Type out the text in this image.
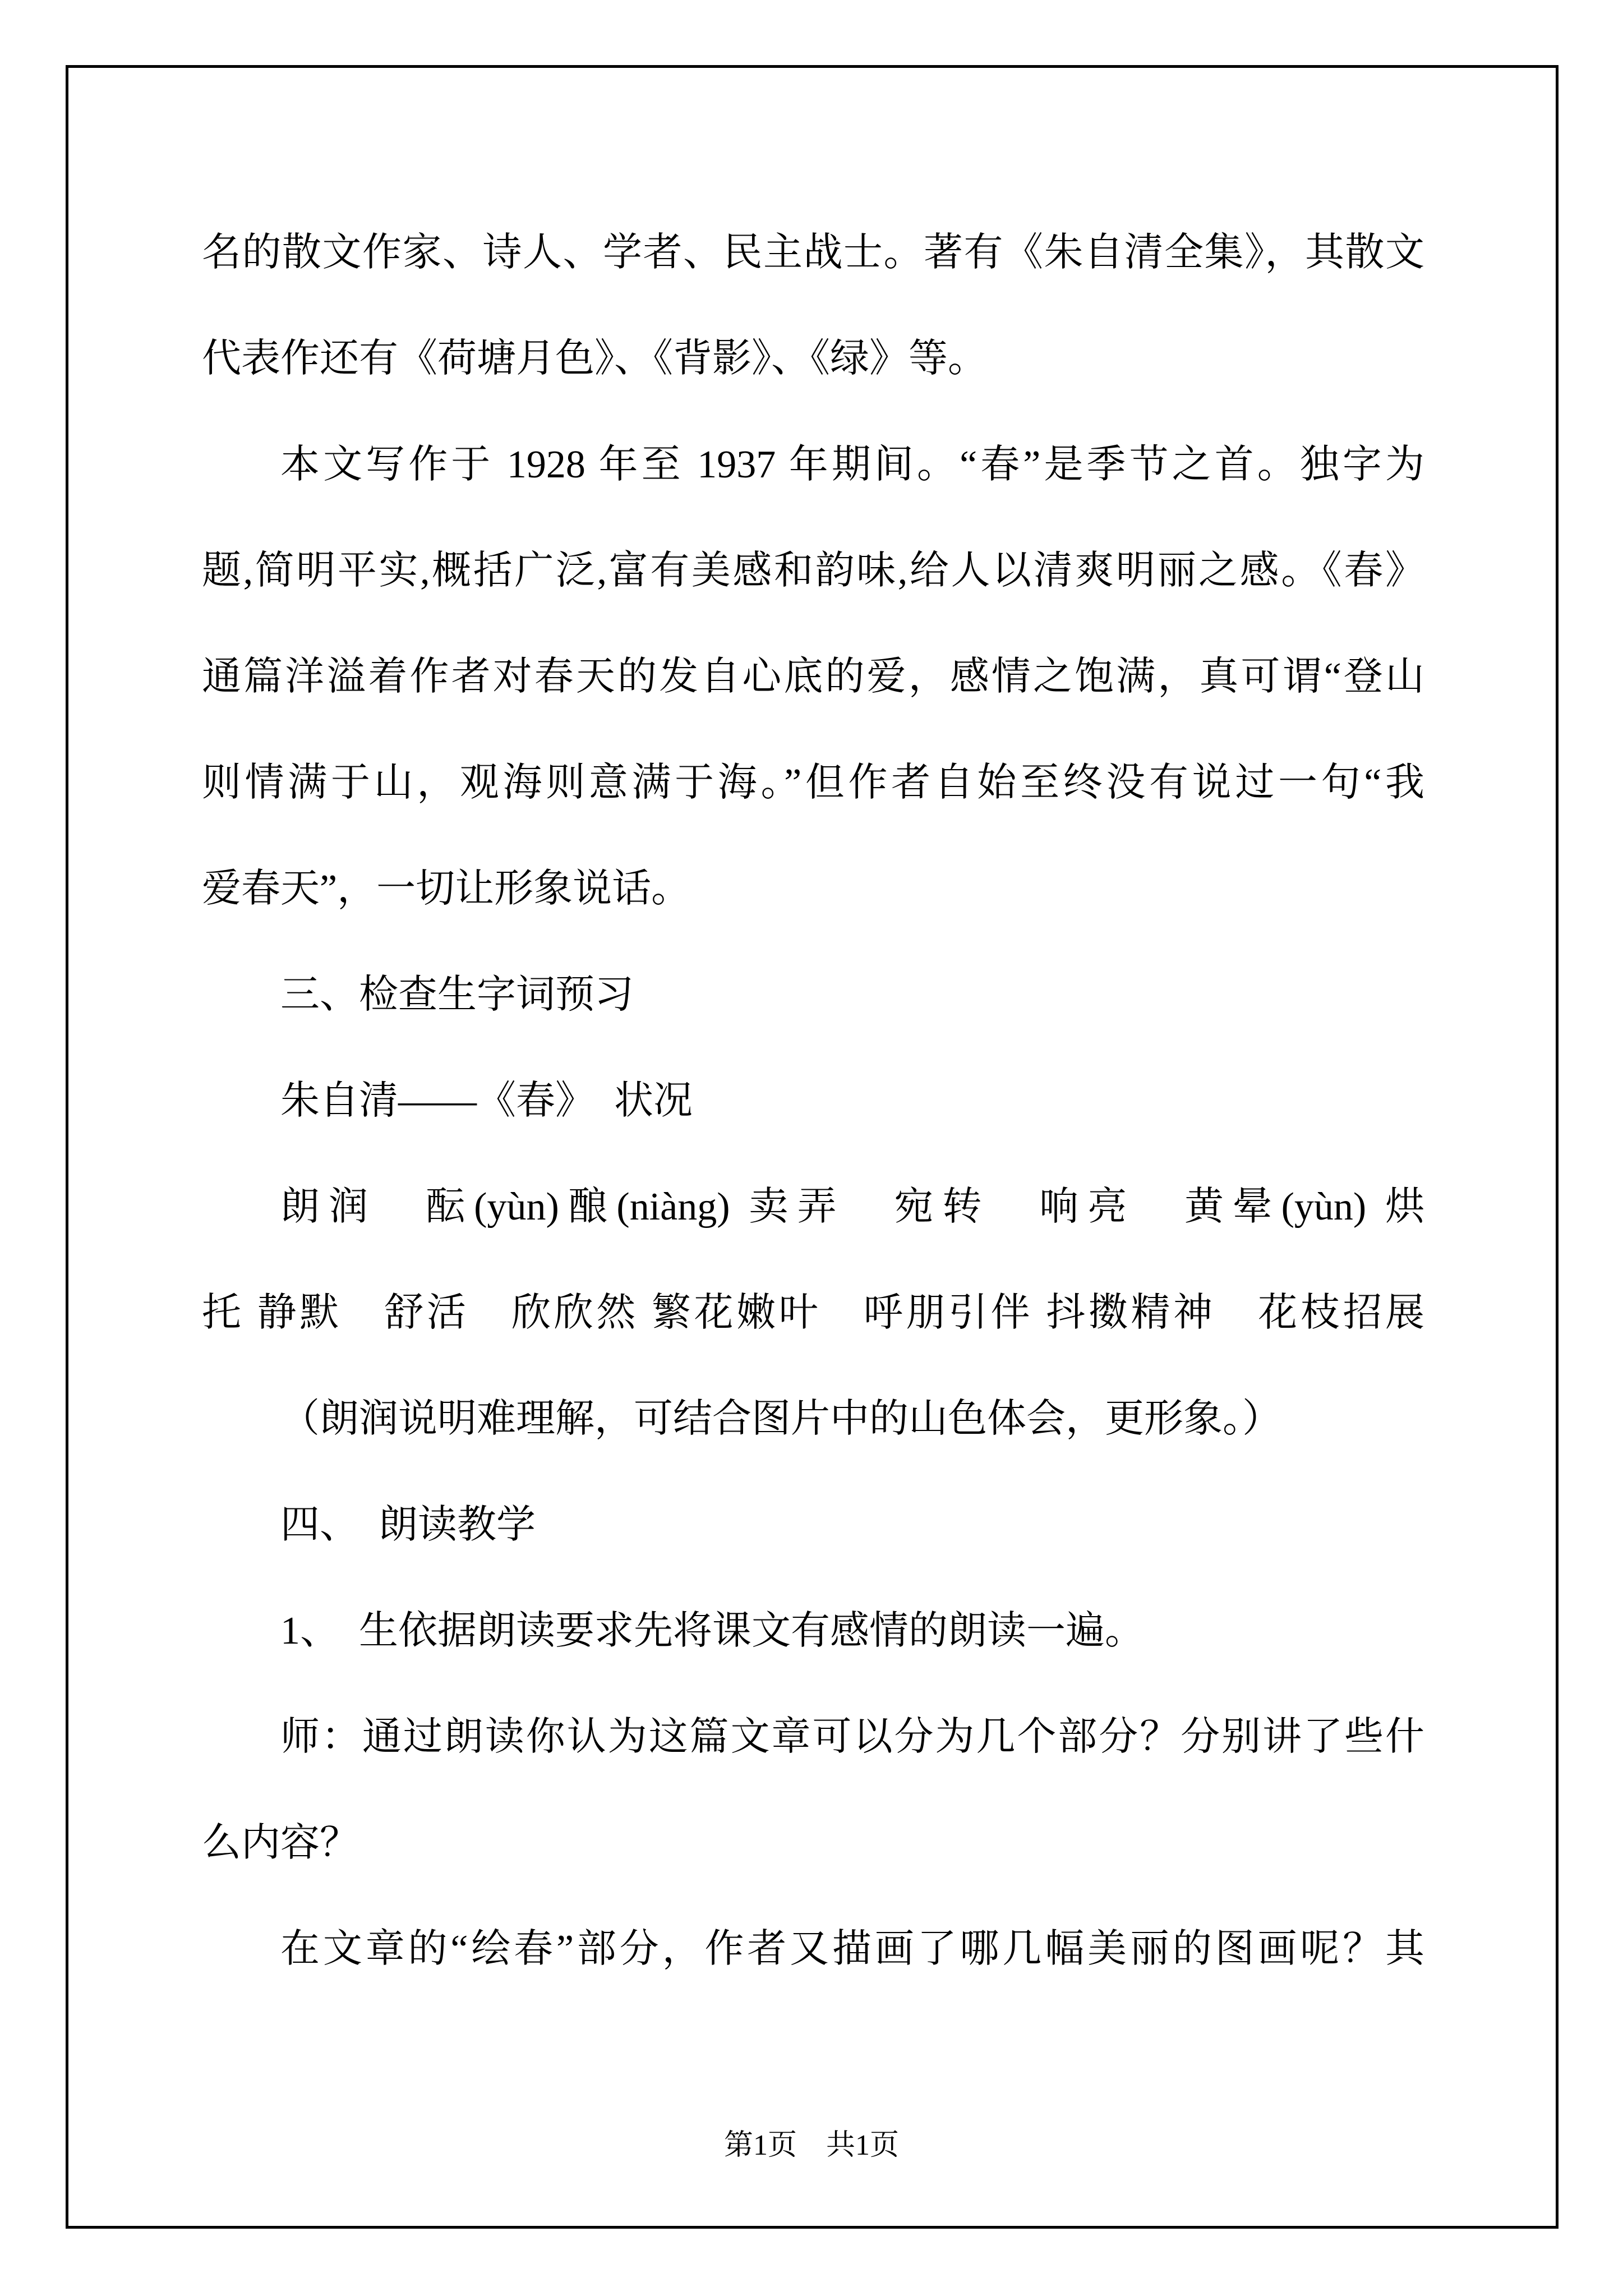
名的散文作家、诗人、学者、民主战士。著有《朱自清全集》，其散文
代表作还有《荷塘月色》、《背影》、《绿》等。
本文写作于 1928 年至 1937 年期间。“春”是季节之首。独字为
题,简明平实,概括广泛,富有美感和韵味,给人以清爽明丽之感。《春》
通篇洋溢着作者对春天的发自心底的爱，感情之饱满，真可谓“登山
则情满于山，观海则意满于海。”但作者自始至终没有说过一句“我
爱春天”，一切让形象说话。
三、检查生字词预习
朱自清——《春》　状况
朗润　酝(yùn)酿(niàng) 卖弄　宛转　响亮　黄晕(yùn) 烘
托 静默　舒活　欣欣然 繁花嫩叶　呼朋引伴 抖擞精神　花枝招展
（朗润说明难理解，可结合图片中的山色体会，更形象。）
四、　朗读教学
1、　生依据朗读要求先将课文有感情的朗读一遍。
师：通过朗读你认为这篇文章可以分为几个部分？分别讲了些什
么内容？
在文章的“绘春”部分，作者又描画了哪几幅美丽的图画呢？其
第1页　共1页
